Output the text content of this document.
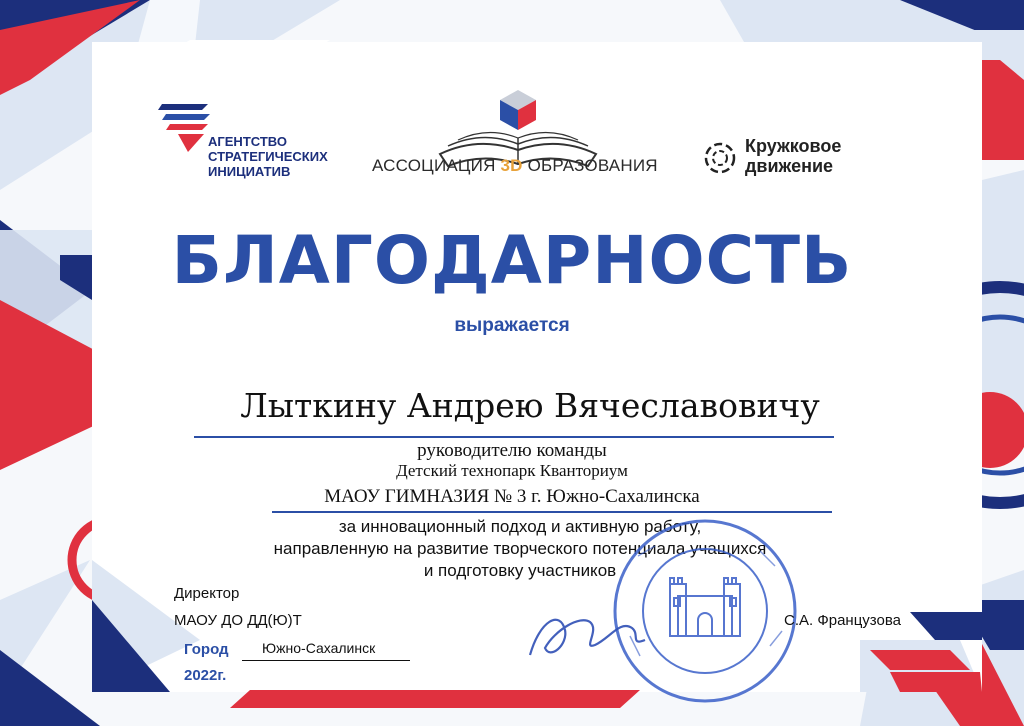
АГЕНТСТВО
СТРАТЕГИЧЕСКИХ
ИНИЦИАТИВ	АССОЦИАЦИЯ 3D ОБРАЗОВАНИЯ
Кружковое
движение
БЛАГОДАРНОСТЬ
выражается
Лыткину Андрею Вячеславовичу
руководителю команды
Детский технопарк Кванториум
МАОУ ГИМНАЗИЯ № 3 г. Южно-Сахалинска
за инновационный подход и активную работу,
направленную на развитие творческого потенциала учащихся
и подготовку участников
Директор
МАОУ ДО ДД(Ю)Т	С.А. Французова
Город Южно-Сахалинск
2022г.
